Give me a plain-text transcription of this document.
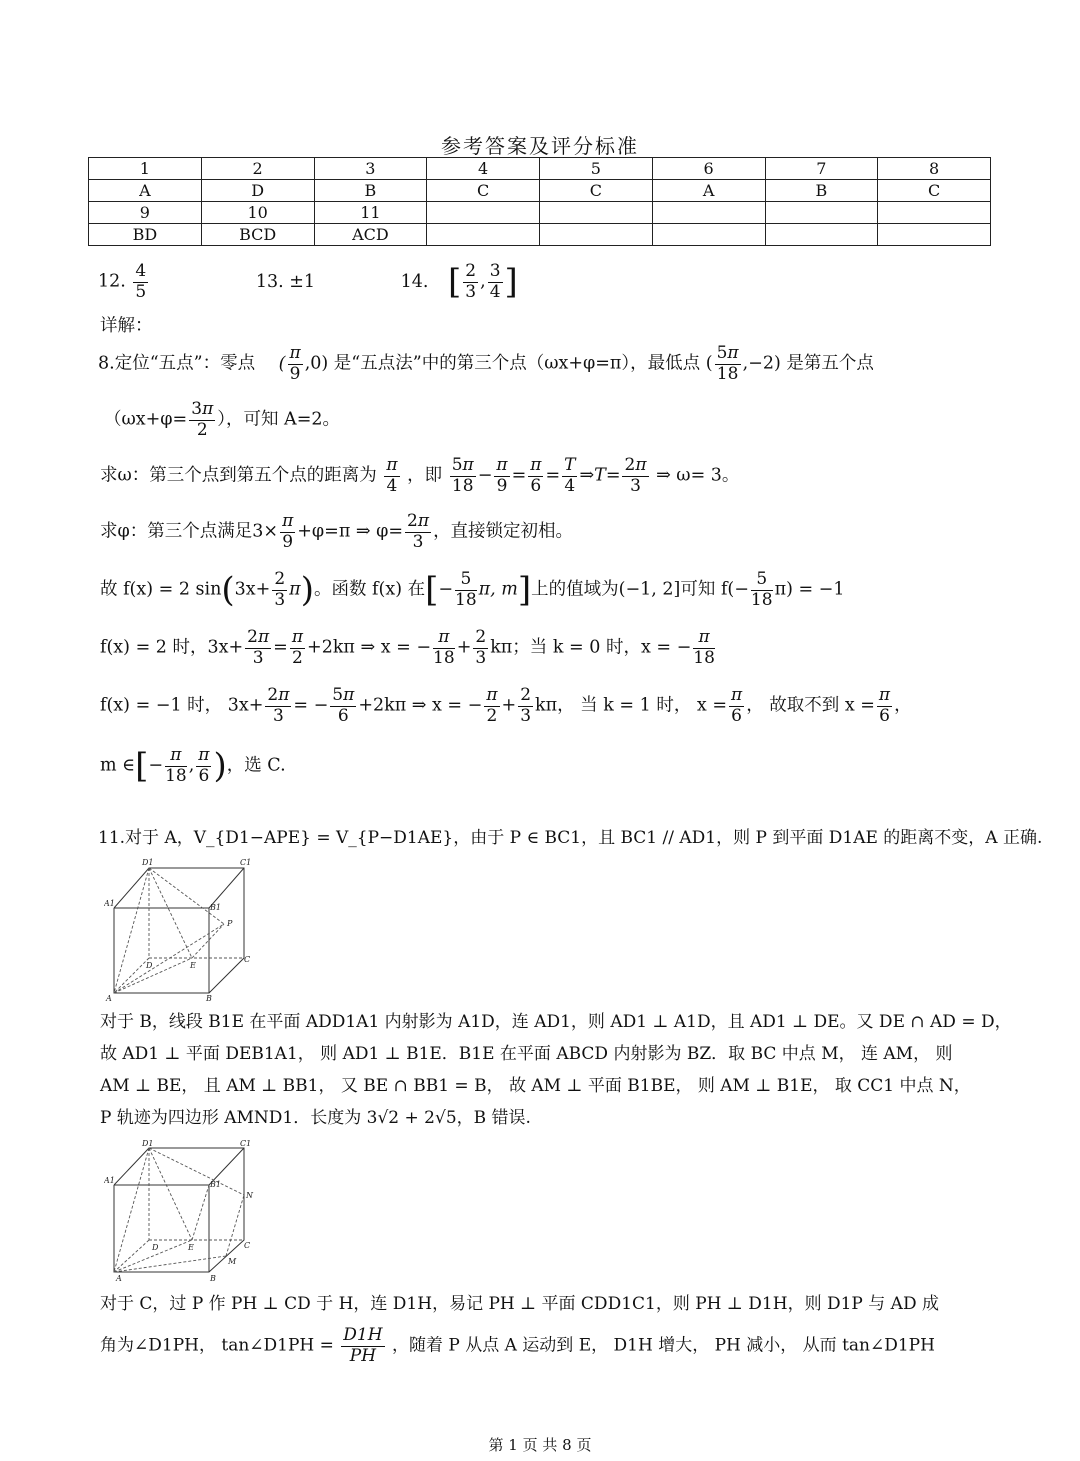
参考答案及评分标准
1	2	3	4	5	6	7	8
A	D	B	C	C	A	B	C
9	10	11					
BD	BCD	ACD					
12. $\frac{4}{5}$	13. ±1	14. [ $\frac{2}{3}$ , $\frac{3}{4}$ ]
详解：
8.定位“五点”：零点 ( $\frac{\pi}{9} ,0$) 是“五点法”中的第三个点（ωx+φ=π），最低点 ( $\frac{5\pi}{18} ,-2$) 是第五个点
（$\omega x+\varphi= \frac{3\pi}{2}$ ），可知 A=2。
求ω：第三个点到第五个点的距离为 $\frac{\pi}{4}$ ，即 $\frac{5\pi}{18} - \frac{\pi}{9} = \frac{\pi}{6} = \frac{T}{4}$ ⇒T= $\frac{2\pi}{3}$ ⇒ ω= 3。
求φ：第三个点满足$3\times \frac{\pi}{9} +\varphi=\pi$ ⇒ $\varphi= \frac{2\pi}{3}$ ，直接锁定初相。
故 f(x) = 2 $\sin(3x+ \frac{2}{3} \pi)$。函数 f(x) 在[− $\frac{5}{18} \pi$, m]上的值域为(−1, 2]可知 $f(- \frac{5}{18} \pi) = -1$
f(x) = 2 时，$3x+ \frac{2\pi}{3} = \frac{\pi}{2} +2k\pi$ ⇒ x = − $\frac{\pi}{18} + \frac{2}{3}$ kπ；当 k = 0 时，x = − $\frac{\pi}{18}$
f(x) = −1 时， $3x+ \frac{2\pi}{3}$ = − $\frac{5\pi}{6} +2k\pi$ ⇒ x = − $\frac{\pi}{2} + \frac{2}{3}$ kπ， 当 k = 1 时， $x = \frac{\pi}{6}$ ， 故取不到 $x = \frac{\pi}{6}$ ，
m ∈[− $\frac{\pi}{18}$ , $\frac{\pi}{6}$ )，选 C.
11.对于 A，V_{D1−APE} = V_{P−D1AE}，由于 P ∈ BC1，且 BC1 // AD1，则 P 到平面 D1AE 的距离不变，A 正确.
D1	C1
A1	B1
P
D	E
C
A	B
对于 B，线段 B1E 在平面 ADD1A1 内射影为 A1D，连 AD1，则 AD1 ⊥ A1D，且 AD1 ⊥ DE。又 DE ∩ AD = D，
故 AD1 ⊥ 平面 DEB1A1， 则 AD1 ⊥ B1E．B1E 在平面 ABCD 内射影为 BZ．取 BC 中点 M， 连 AM， 则
AM ⊥ BE， 且 AM ⊥ BB1， 又 BE ∩ BB1 = B， 故 AM ⊥ 平面 B1BE， 则 AM ⊥ B1E， 取 CC1 中点 N，
P 轨迹为四边形 AMND1．长度为 3√2 + 2√5，B 错误.
D1	C1
A1	B1
N
D	E	C
M
A	B
对于 C，过 P 作 PH ⊥ CD 于 H，连 D1H，易记 PH ⊥ 平面 CDD1C1，则 PH ⊥ D1H，则 D1P 与 AD 成
角为∠D1PH， tan∠D1PH = $\frac{D1H}{PH}$ ，随着 P 从点 A 运动到 E， D1H 增大， PH 减小， 从而 tan∠D1PH
第 1 页 共 8 页
